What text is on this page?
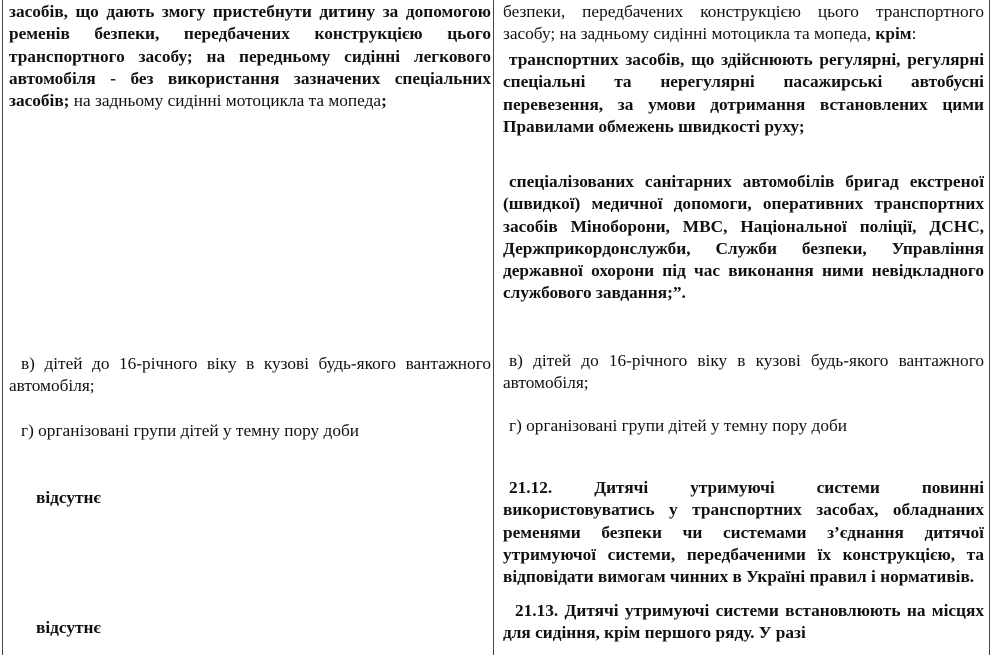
засобів, що дають змогу пристебнути дитину за допомогою ременів безпеки, передбачених конструкцією цього транспортного засобу; на передньому сидінні легкового автомобіля - без використання зазначених спеціальних засобів; на задньому сидінні мотоцикла та мопеда;

безпеки, передбачених конструкцією цього транспортного засобу; на задньому сидінні мотоцикла та мопеда, крім:

транспортних засобів, що здійснюють регулярні, регулярні спеціальні та нерегулярні пасажирські автобусні перевезення, за умови дотримання встановлених цими Правилами обмежень швидкості руху;

спеціалізованих санітарних автомобілів бригад екстреної (швидкої) медичної допомоги, оперативних транспортних засобів Міноборони, МВС, Національної поліції, ДСНС, Держприкордонслужби, Служби безпеки, Управління державної охорони під час виконання ними невідкладного службового завдання;”.

в) дітей до 16-річного віку в кузові будь-якого вантажного автомобіля;

в) дітей до 16-річного віку в кузові будь-якого вантажного автомобіля;

г) організовані групи дітей у темну пору доби	г) організовані групи дітей у темну пору доби

відсутнє

21.12. Дитячі утримуючі системи повинні використовуватись у транспортних засобах, обладнаних ременями безпеки чи системами з’єднання дитячої утримуючої системи, передбаченими їх конструкцією, та відповідати вимогам чинних в Україні правил і нормативів.

відсутнє

21.13. Дитячі утримуючі системи встановлюють на місцях для сидіння, крім першого ряду. У разі
